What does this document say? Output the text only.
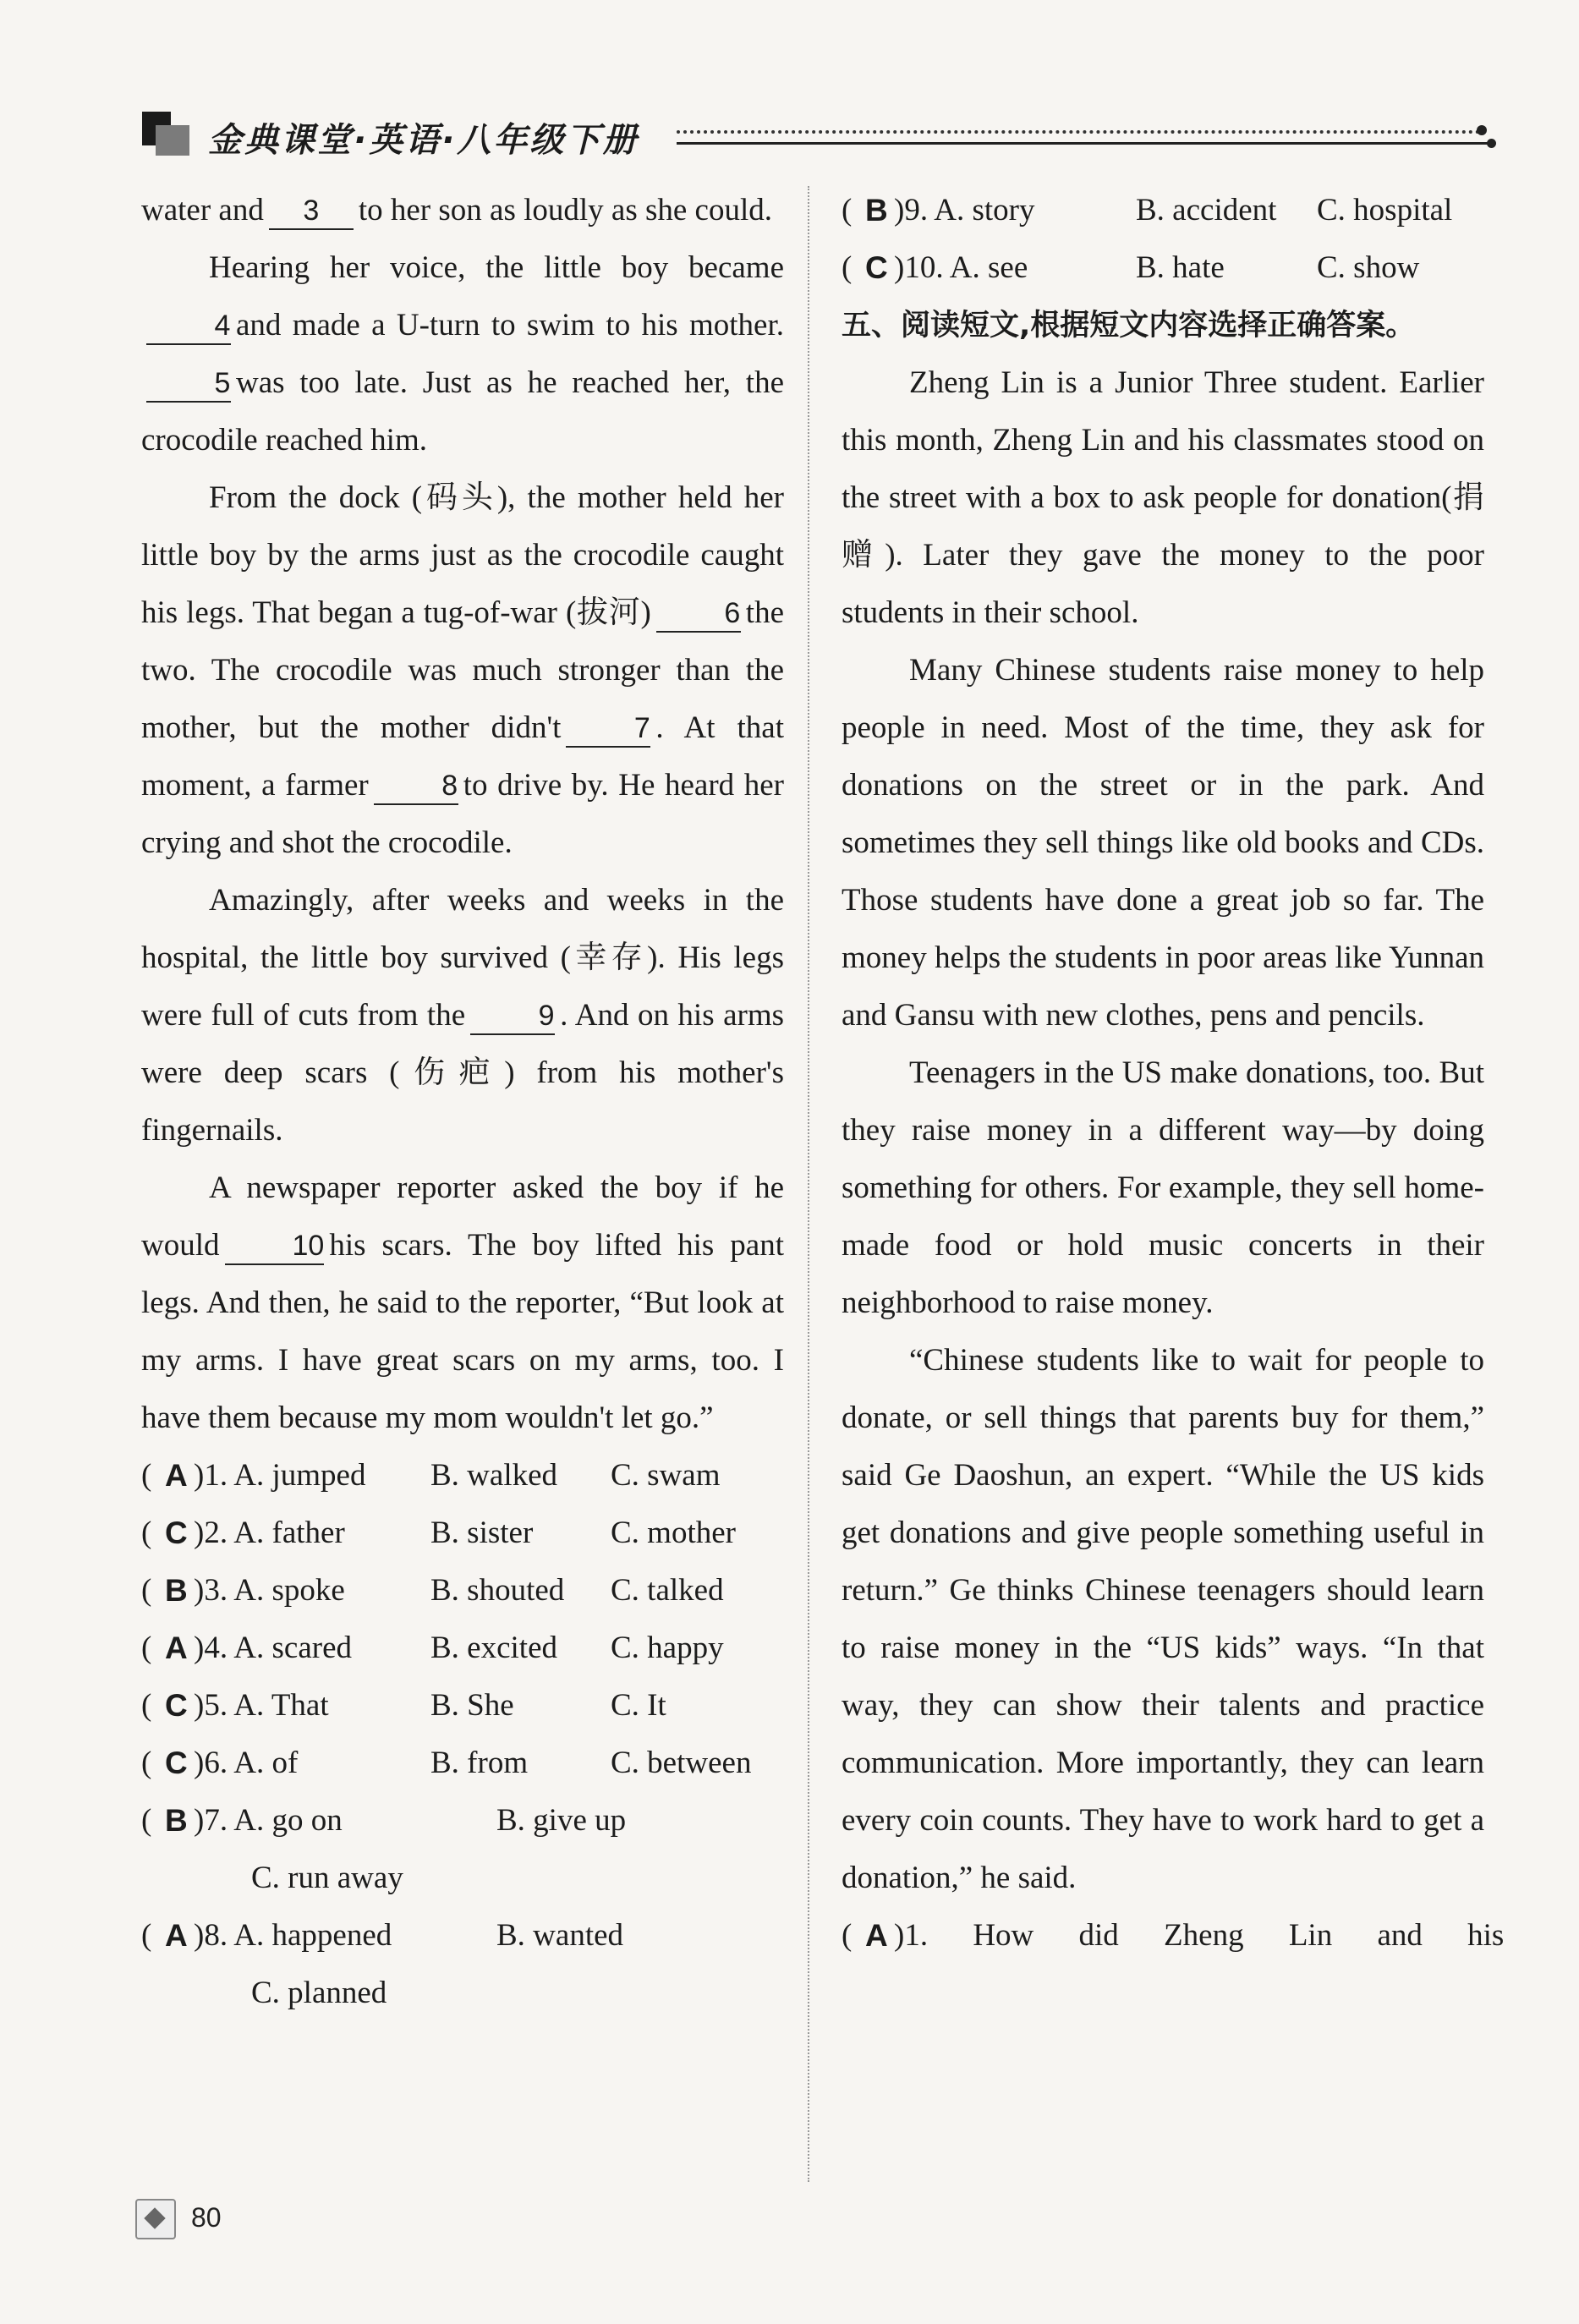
金典课堂·英语·八年级下册

water and 3 to her son as loudly as she could.

Hearing her voice, the little boy became 4 and made a U-turn to swim to his mother. 5 was too late. Just as he reached her, the crocodile reached him.

From the dock (码头), the mother held her little boy by the arms just as the crocodile caught his legs. That began a tug-of-war (拔河)	6 the two. The crocodile was much stronger than the mother, but the mother didn't	7 . At that moment, a farmer	8 to drive by. He heard her crying and shot the crocodile.

Amazingly, after weeks and weeks in the hospital, the little boy survived (幸存). His legs were full of cuts from the	9 . And on his arms were deep scars (伤疤) from his mother's fingernails.

A newspaper reporter asked the boy if he would	10 his scars. The boy lifted his pant legs. And then, he said to the reporter, “But look at my arms. I have great scars on my arms, too. I have them because my mom wouldn't let go.”

( A )1. A. jumped B. walked C. swam
( C )2. A. father	B. sister C. mother
( B )3. A. spoke	B. shouted C. talked
( A )4. A. scared	B. excited C. happy
( C )5. A. That	B. She	C. It
( C )6. A. of	B. from	C. between
( B )7. A. go on	B. give up
C. run away
( A )8. A. happened	B. wanted
C. planned
( B )9. A. story	B. accident C. hospital
( C )10. A. see	B. hate	C. show

五、阅读短文,根据短文内容选择正确答案。

Zheng Lin is a Junior Three student. Earlier this month, Zheng Lin and his classmates stood on the street with a box to ask people for donation(捐赠). Later they gave the money to the poor students in their school.

Many Chinese students raise money to help people in need. Most of the time, they ask for donations on the street or in the park. And sometimes they sell things like old books and CDs. Those students have done a great job so far. The money helps the students in poor areas like Yunnan and Gansu with new clothes, pens and pencils.

Teenagers in the US make donations, too. But they raise money in a different way—by doing something for others. For example, they sell home-made food or hold music concerts in their neighborhood to raise money.

“Chinese students like to wait for people to donate, or sell things that parents buy for them,” said Ge Daoshun, an expert. “While the US kids get donations and give people something useful in return.” Ge thinks Chinese teenagers should learn to raise money in the “US kids” ways. “In that way, they can show their talents and practice communication. More importantly, they can learn every coin counts. They have to work hard to get a donation,” he said.

( A )1. How did Zheng Lin and his
80
